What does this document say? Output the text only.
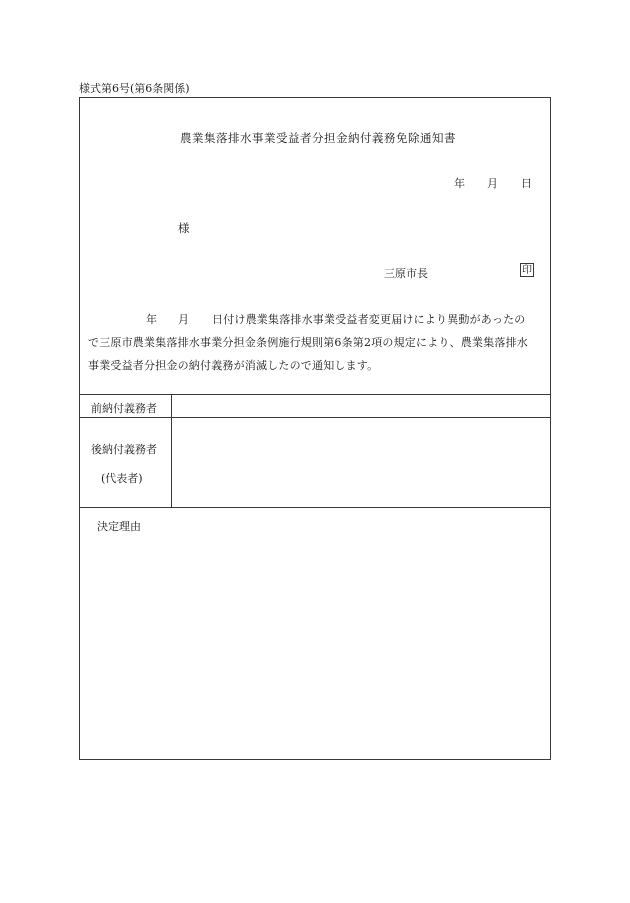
様式第6号(第6条関係)
農業集落排水事業受益者分担金納付義務免除通知書
年 月 日
様
三原市長	印
年 月 日付け農業集落排水事業受益者変更届けにより異動があったの
で三原市農業集落排水事業分担金条例施行規則第6条第2項の規定により、農業集落排水
事業受益者分担金の納付義務が消滅したので通知します。
前納付義務者
後納付義務者
(代表者)
決定理由
